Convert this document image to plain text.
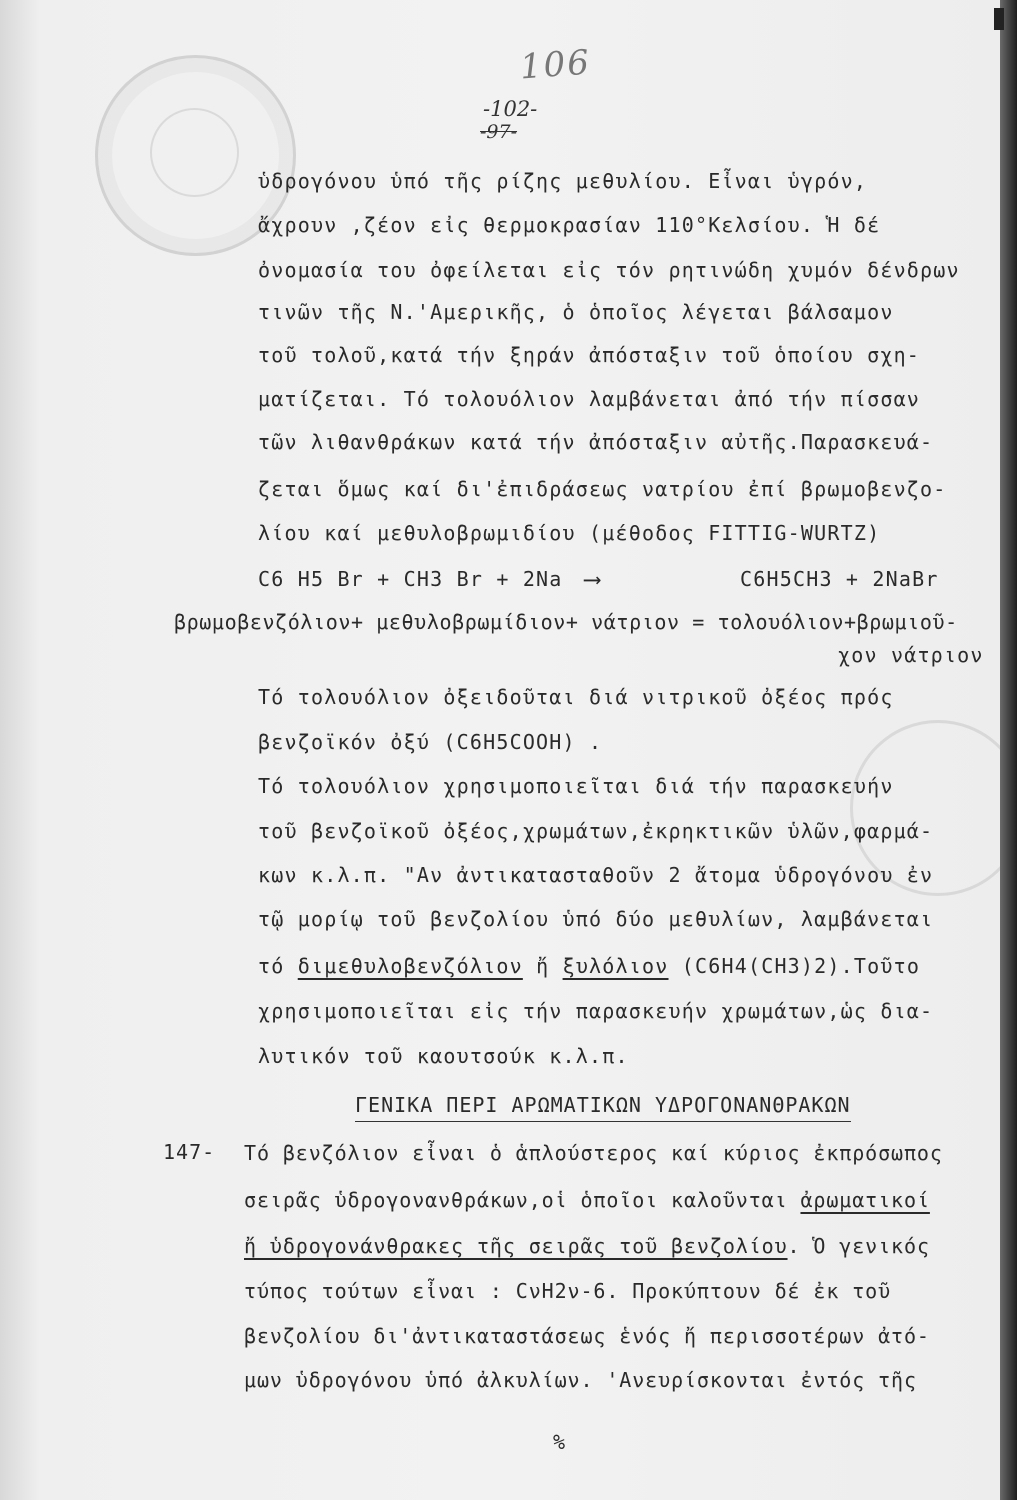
106
-102-
-97-
ὑδρογόνου ὑπό τῆς ρίζης μεθυλίου. Εἶναι ὑγρόν,
ἄχρουν ,ζέον εἰς θερμοκρασίαν 110°Κελσίου. Ἡ δέ
ὀνομασία του ὀφείλεται εἰς τόν ρητινώδη χυμόν δένδρων
τινῶν τῆς Ν.'Αμερικῆς, ὁ ὁποῖος λέγεται βάλσαμον
τοῦ τολοῦ,κατά τήν ξηράν ἀπόσταξιν τοῦ ὁποίου σχη-
ματίζεται. Τό τολουόλιον λαμβάνεται ἀπό τήν πίσσαν
τῶν λιθανθράκων κατά τήν ἀπόσταξιν αὐτῆς.Παρασκευά-
ζεται ὅμως καί δι'ἐπιδράσεως νατρίου ἐπί βρωμοβενζο-
λίου καί μεθυλοβρωμιδίου (μέθοδος FITTIG-WURTZ)
C6 H5 Br + CH3 Br + 2Na ⟶	C6H5CH3 + 2NaBr
βρωμοβενζόλιον+ μεθυλοβρωμίδιον+ νάτριον = τολουόλιον+βρωμιοῦ-
χον νάτριον
Τό τολουόλιον ὀξειδοῦται διά νιτρικοῦ ὀξέος πρός
βενζοϊκόν ὀξύ (C6H5COOH) .
Τό τολουόλιον χρησιμοποιεῖται διά τήν παρασκευήν
τοῦ βενζοϊκοῦ ὀξέος,χρωμάτων,ἐκρηκτικῶν ὑλῶν,φαρμά-
κων κ.λ.π. "Αν ἀντικατασταθοῦν 2 ἄτομα ὑδρογόνου ἐν
τῷ μορίῳ τοῦ βενζολίου ὑπό δύο μεθυλίων, λαμβάνεται
τό διμεθυλοβενζόλιον ἤ ξυλόλιον (C6H4(CH3)2).Τοῦτο
χρησιμοποιεῖται εἰς τήν παρασκευήν χρωμάτων,ὡς δια-
λυτικόν τοῦ καουτσούκ κ.λ.π.
ΓΕΝΙΚΑ ΠΕΡΙ ΑΡΩΜΑΤΙΚΩΝ ΥΔΡΟΓΟΝΑΝΘΡΑΚΩΝ
147- Τό βενζόλιον εἶναι ὁ ἁπλούστερος καί κύριος ἐκπρόσωπος
σειρᾶς ὑδρογονανθράκων,οἱ ὁποῖοι καλοῦνται ἀρωματικοί
ἤ ὑδρογονάνθρακες τῆς σειρᾶς τοῦ βενζολίου. Ὁ γενικός
τύπος τούτων εἶναι : CνΗ2ν-6. Προκύπτουν δέ ἐκ τοῦ
βενζολίου δι'ἀντικαταστάσεως ἑνός ἤ περισσοτέρων ἀτό-
μων ὑδρογόνου ὑπό ἀλκυλίων. 'Ανευρίσκονται ἐντός τῆς
%
